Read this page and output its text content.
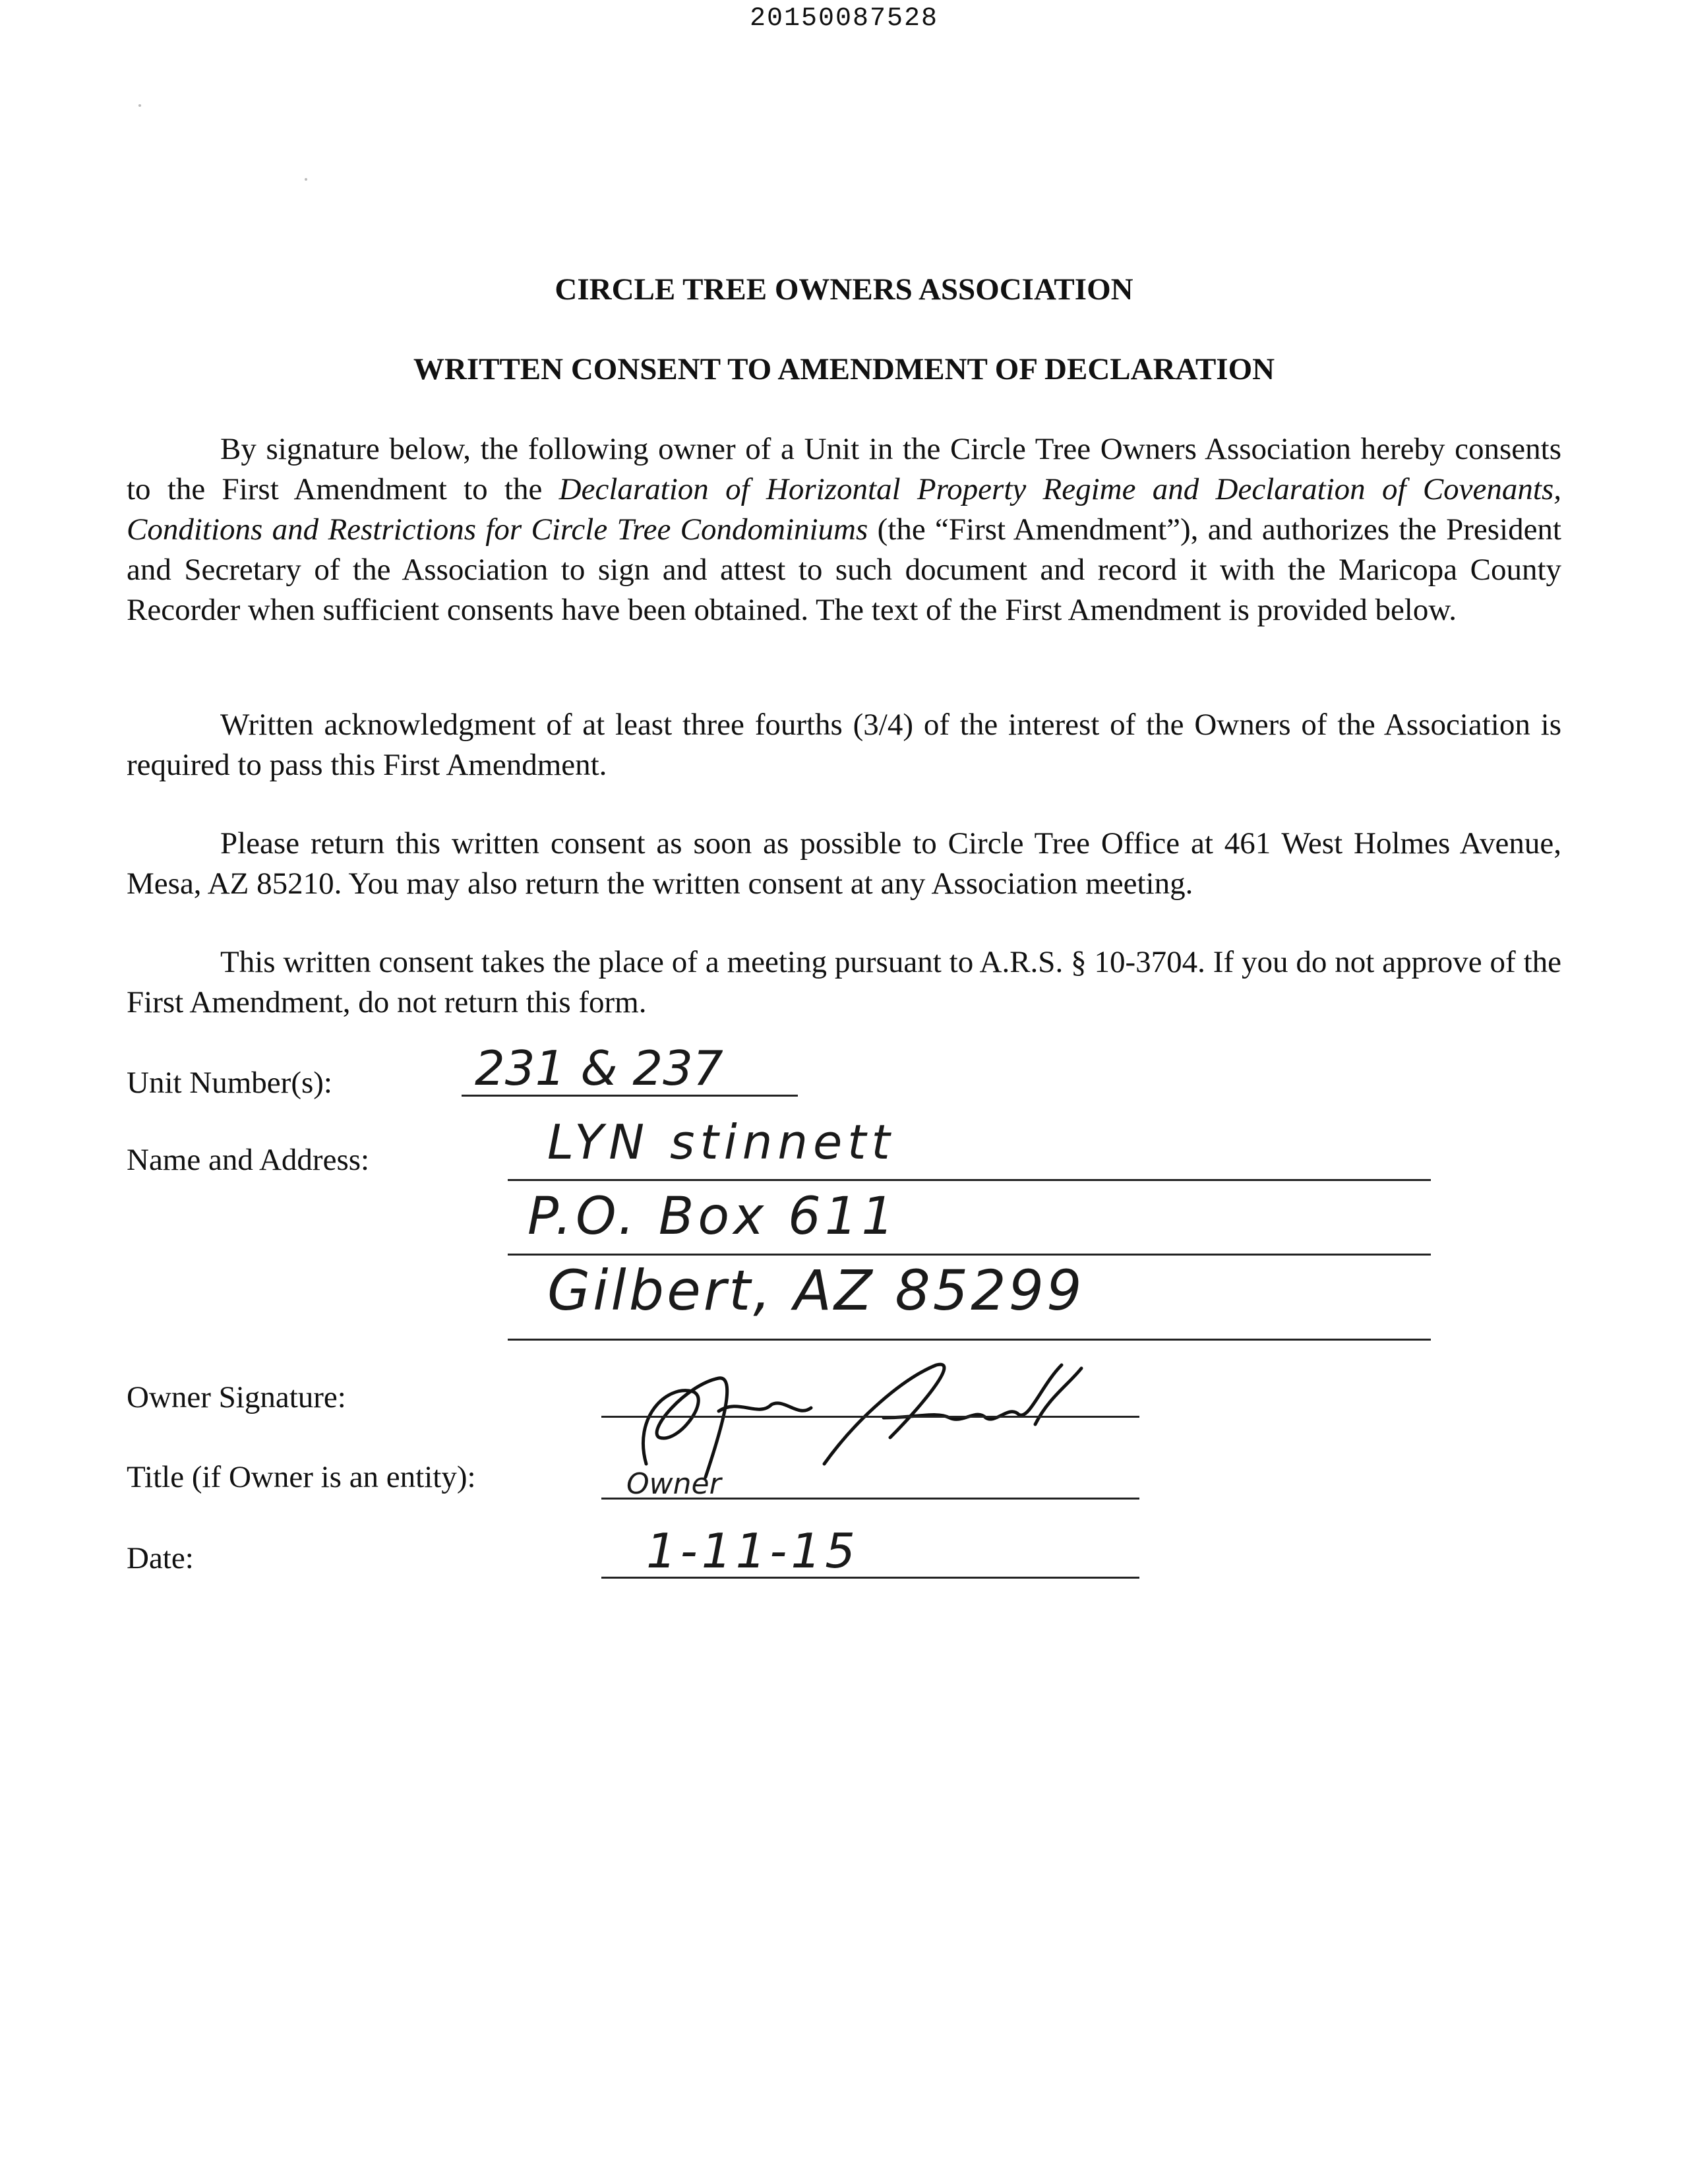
20150087528
CIRCLE TREE OWNERS ASSOCIATION
WRITTEN CONSENT TO AMENDMENT OF DECLARATION
By signature below, the following owner of a Unit in the Circle Tree Owners Association hereby consents to the First Amendment to the Declaration of Horizontal Property Regime and Declaration of Covenants, Conditions and Restrictions for Circle Tree Condominiums (the “First Amendment”), and authorizes the President and Secretary of the Association to sign and attest to such document and record it with the Maricopa County Recorder when sufficient consents have been obtained. The text of the First Amendment is provided below.
Written acknowledgment of at least three fourths (3/4) of the interest of the Owners of the Association is required to pass this First Amendment.
Please return this written consent as soon as possible to Circle Tree Office at 461 West Holmes Avenue, Mesa, AZ 85210. You may also return the written consent at any Association meeting.
This written consent takes the place of a meeting pursuant to A.R.S. § 10-3704. If you do not approve of the First Amendment, do not return this form.
Unit Number(s):	231 & 237
Name and Address:	LYN stinnett
P.O. Box 611
Gilbert, AZ 85299
Owner Signature:
Title (if Owner is an entity):	Owner
Date:	1-11-15
